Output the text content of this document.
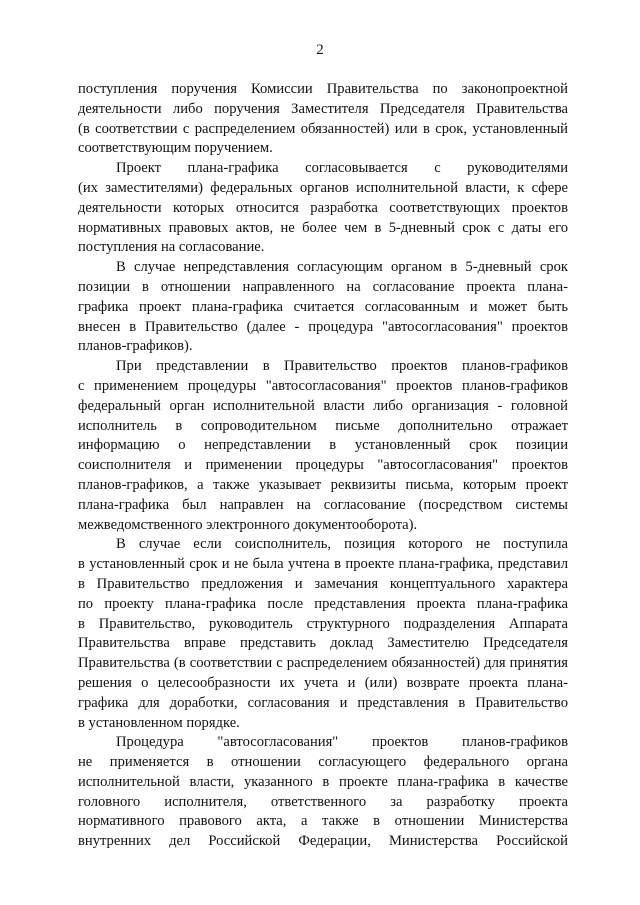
2

поступления поручения Комиссии Правительства по законопроектной
деятельности либо поручения Заместителя Председателя Правительства
(в соответствии с распределением обязанностей) или в срок, установленный
соответствующим поручением.

Проект плана-графика согласовывается с руководителями
(их заместителями) федеральных органов исполнительной власти, к сфере
деятельности которых относится разработка соответствующих проектов
нормативных правовых актов, не более чем в 5-дневный срок с даты его
поступления на согласование.

В случае непредставления согласующим органом в 5-дневный срок
позиции в отношении направленного на согласование проекта плана-
графика проект плана-графика считается согласованным и может быть
внесен в Правительство (далее - процедура "автосогласования" проектов
планов-графиков).

При представлении в Правительство проектов планов-графиков
с применением процедуры "автосогласования" проектов планов-графиков
федеральный орган исполнительной власти либо организация - головной
исполнитель в сопроводительном письме дополнительно отражает
информацию о непредставлении в установленный срок позиции
соисполнителя и применении процедуры "автосогласования" проектов
планов-графиков, а также указывает реквизиты письма, которым проект
плана-графика был направлен на согласование (посредством системы
межведомственного электронного документооборота).

В случае если соисполнитель, позиция которого не поступила
в установленный срок и не была учтена в проекте плана-графика, представил
в Правительство предложения и замечания концептуального характера
по проекту плана-графика после представления проекта плана-графика
в Правительство, руководитель структурного подразделения Аппарата
Правительства вправе представить доклад Заместителю Председателя
Правительства (в соответствии с распределением обязанностей) для принятия
решения о целесообразности их учета и (или) возврате проекта плана-
графика для доработки, согласования и представления в Правительство
в установленном порядке.

Процедура "автосогласования" проектов планов-графиков
не применяется в отношении согласующего федерального органа
исполнительной власти, указанного в проекте плана-графика в качестве
головного исполнителя, ответственного за разработку проекта
нормативного правового акта, а также в отношении Министерства
внутренних дел Российской Федерации, Министерства Российской
